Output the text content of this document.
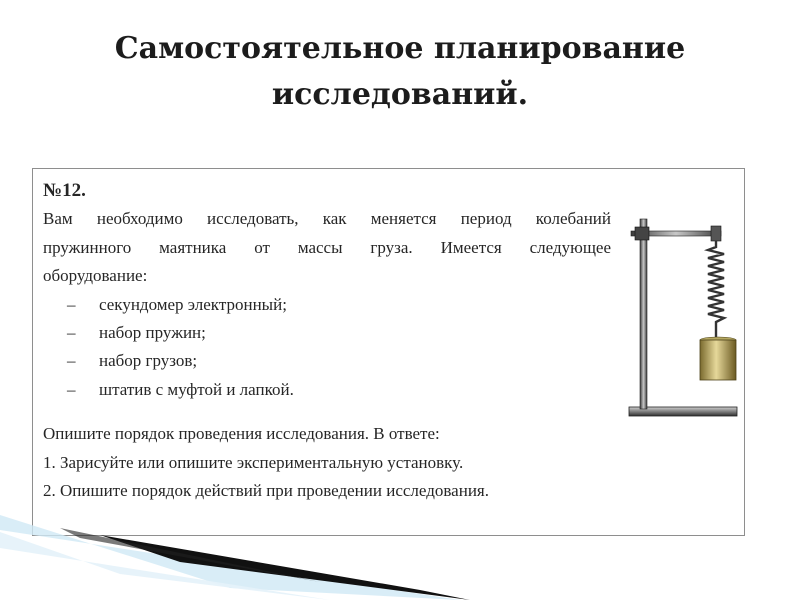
Самостоятельное планирование
исследований.
№12.
Вам необходимо исследовать, как меняется период колебаний
пружинного маятника от массы груза. Имеется следующее
оборудование:
– секундомер электронный;
– набор пружин;
– набор грузов;
– штатив с муфтой и лапкой.
Опишите порядок проведения исследования. В ответе:
1. Зарисуйте или опишите экспериментальную установку.
2. Опишите порядок действий при проведении исследования.
